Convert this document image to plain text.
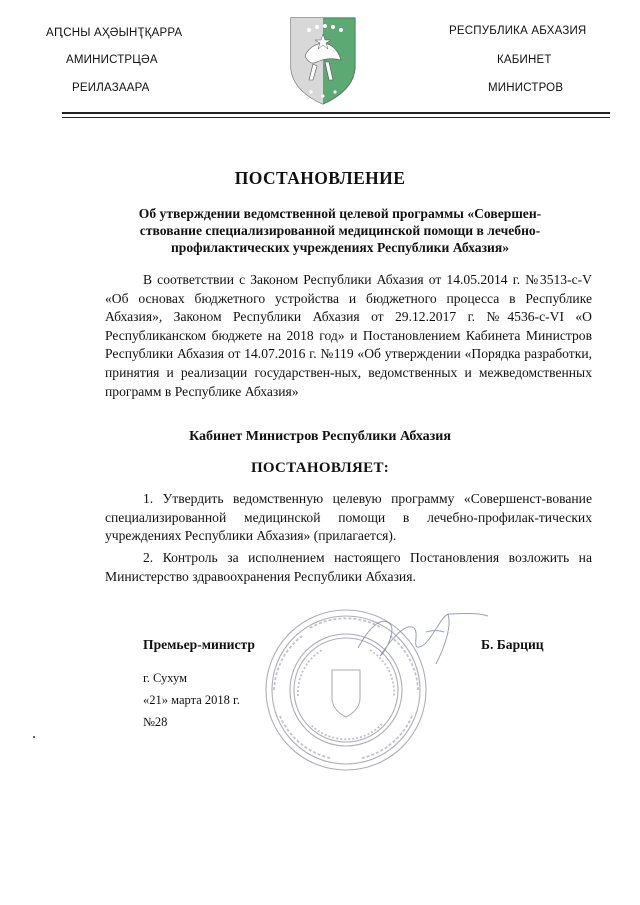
АԤСНЫ АҲӘЫНҬҚАРРА
АМИНИСТРЦӘА
РЕИЛАЗААРА
РЕСПУБЛИКА АБХАЗИЯ
КАБИНЕТ
МИНИСТРОВ
ПОСТАНОВЛЕНИЕ
Об утверждении ведомственной целевой программы «Совершен-
ствование специализированной медицинской помощи в лечебно-
профилактических учреждениях Республики Абхазия»
В соответствии с Законом Республики Абхазия от 14.05.2014 г. №3513-с-V «Об основах бюджетного устройства и бюджетного процесса в Республике Абхазия», Законом Республики Абхазия от 29.12.2017 г. №4536-с-VI «О Республиканском бюджете на 2018 год» и Постановлением Кабинета Министров Республики Абхазия от 14.07.2016 г. №119 «Об утверждении «Порядка разработки, принятия и реализации государствен-ных, ведомственных и межведомственных программ в Республике Абхазия»
Кабинет Министров Республики Абхазия
ПОСТАНОВЛЯЕТ:
1. Утвердить ведомственную целевую программу «Совершенст-вование специализированной медицинской помощи в лечебно-профилак-тических учреждениях Республики Абхазия» (прилагается).
2. Контроль за исполнением настоящего Постановления возложить на Министерство здравоохранения Республики Абхазия.
Премьер-министр	Б. Барциц
г. Сухум
«21» марта 2018 г.
№28
